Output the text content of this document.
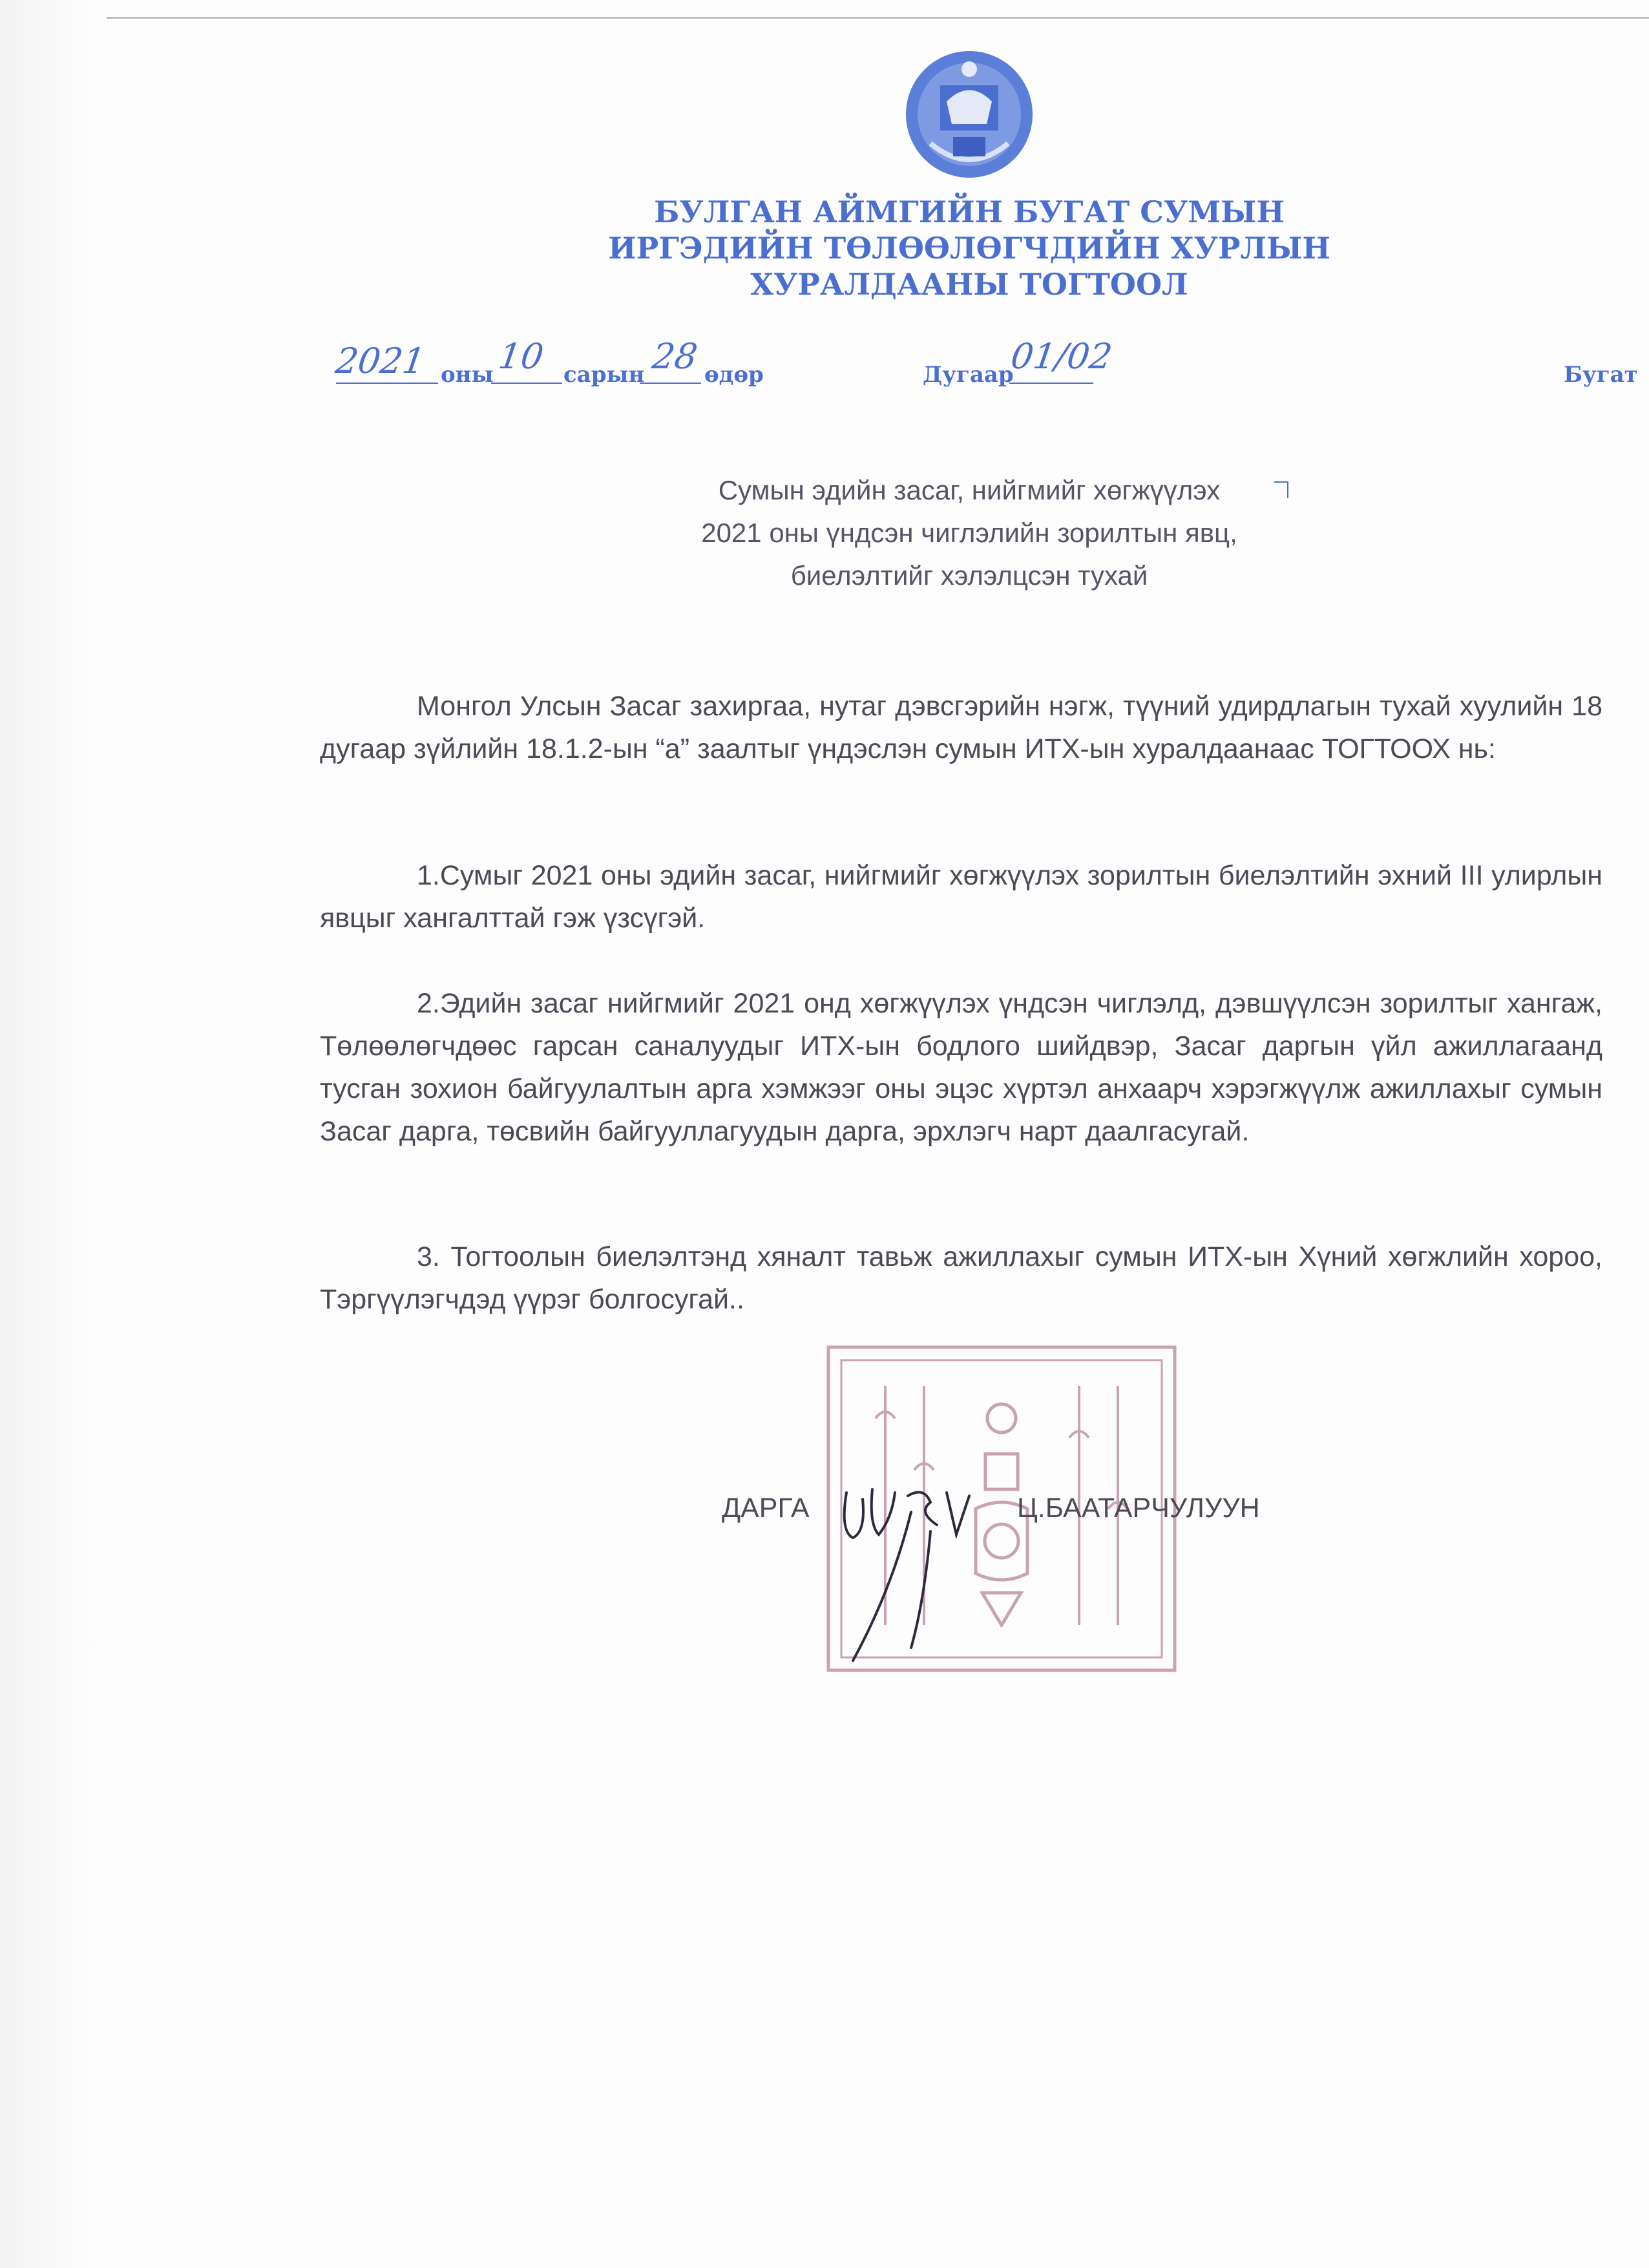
БУЛГАН АЙМГИЙН БУГАТ СУМЫН
ИРГЭДИЙН ТӨЛӨӨЛӨГЧДИЙН ХУРЛЫН
ХУРАЛДААНЫ ТОГТООЛ
2021 оны 10 сарын 28 өдөр	Дугаар
01/02	Бугат
Сумын эдийн засаг, нийгмийг хөгжүүлэх
2021 оны үндсэн чиглэлийн зорилтын явц,
биелэлтийг хэлэлцсэн тухай

Монгол Улсын Засаг захиргаа, нутаг дэвсгэрийн нэгж, түүний удирдлагын тухай хуулийн 18 дугаар зүйлийн 18.1.2-ын “а” заалтыг үндэслэн сумын ИТХ-ын хуралдаанаас ТОГТООХ нь:

1.Сумыг 2021 оны эдийн засаг, нийгмийг хөгжүүлэх зорилтын биелэлтийн эхний III улирлын явцыг хангалттай гэж үзсүгэй.

2.Эдийн засаг нийгмийг 2021 онд хөгжүүлэх үндсэн чиглэлд, дэвшүүлсэн зорилтыг хангаж, Төлөөлөгчдөөс гарсан саналуудыг ИТХ-ын бодлого шийдвэр, Засаг даргын үйл ажиллагаанд тусган зохион байгуулалтын арга хэмжээг оны эцэс хүртэл анхаарч хэрэгжүүлж ажиллахыг сумын Засаг дарга, төсвийн байгууллагуудын дарга, эрхлэгч нарт даалгасугай.

3. Тогтоолын биелэлтэнд хяналт тавьж ажиллахыг сумын ИТХ-ын Хүний хөгжлийн хороо, Тэргүүлэгчдэд үүрэг болгосугай..

ДАРГА	Ц.БААТАРЧУЛУУН
